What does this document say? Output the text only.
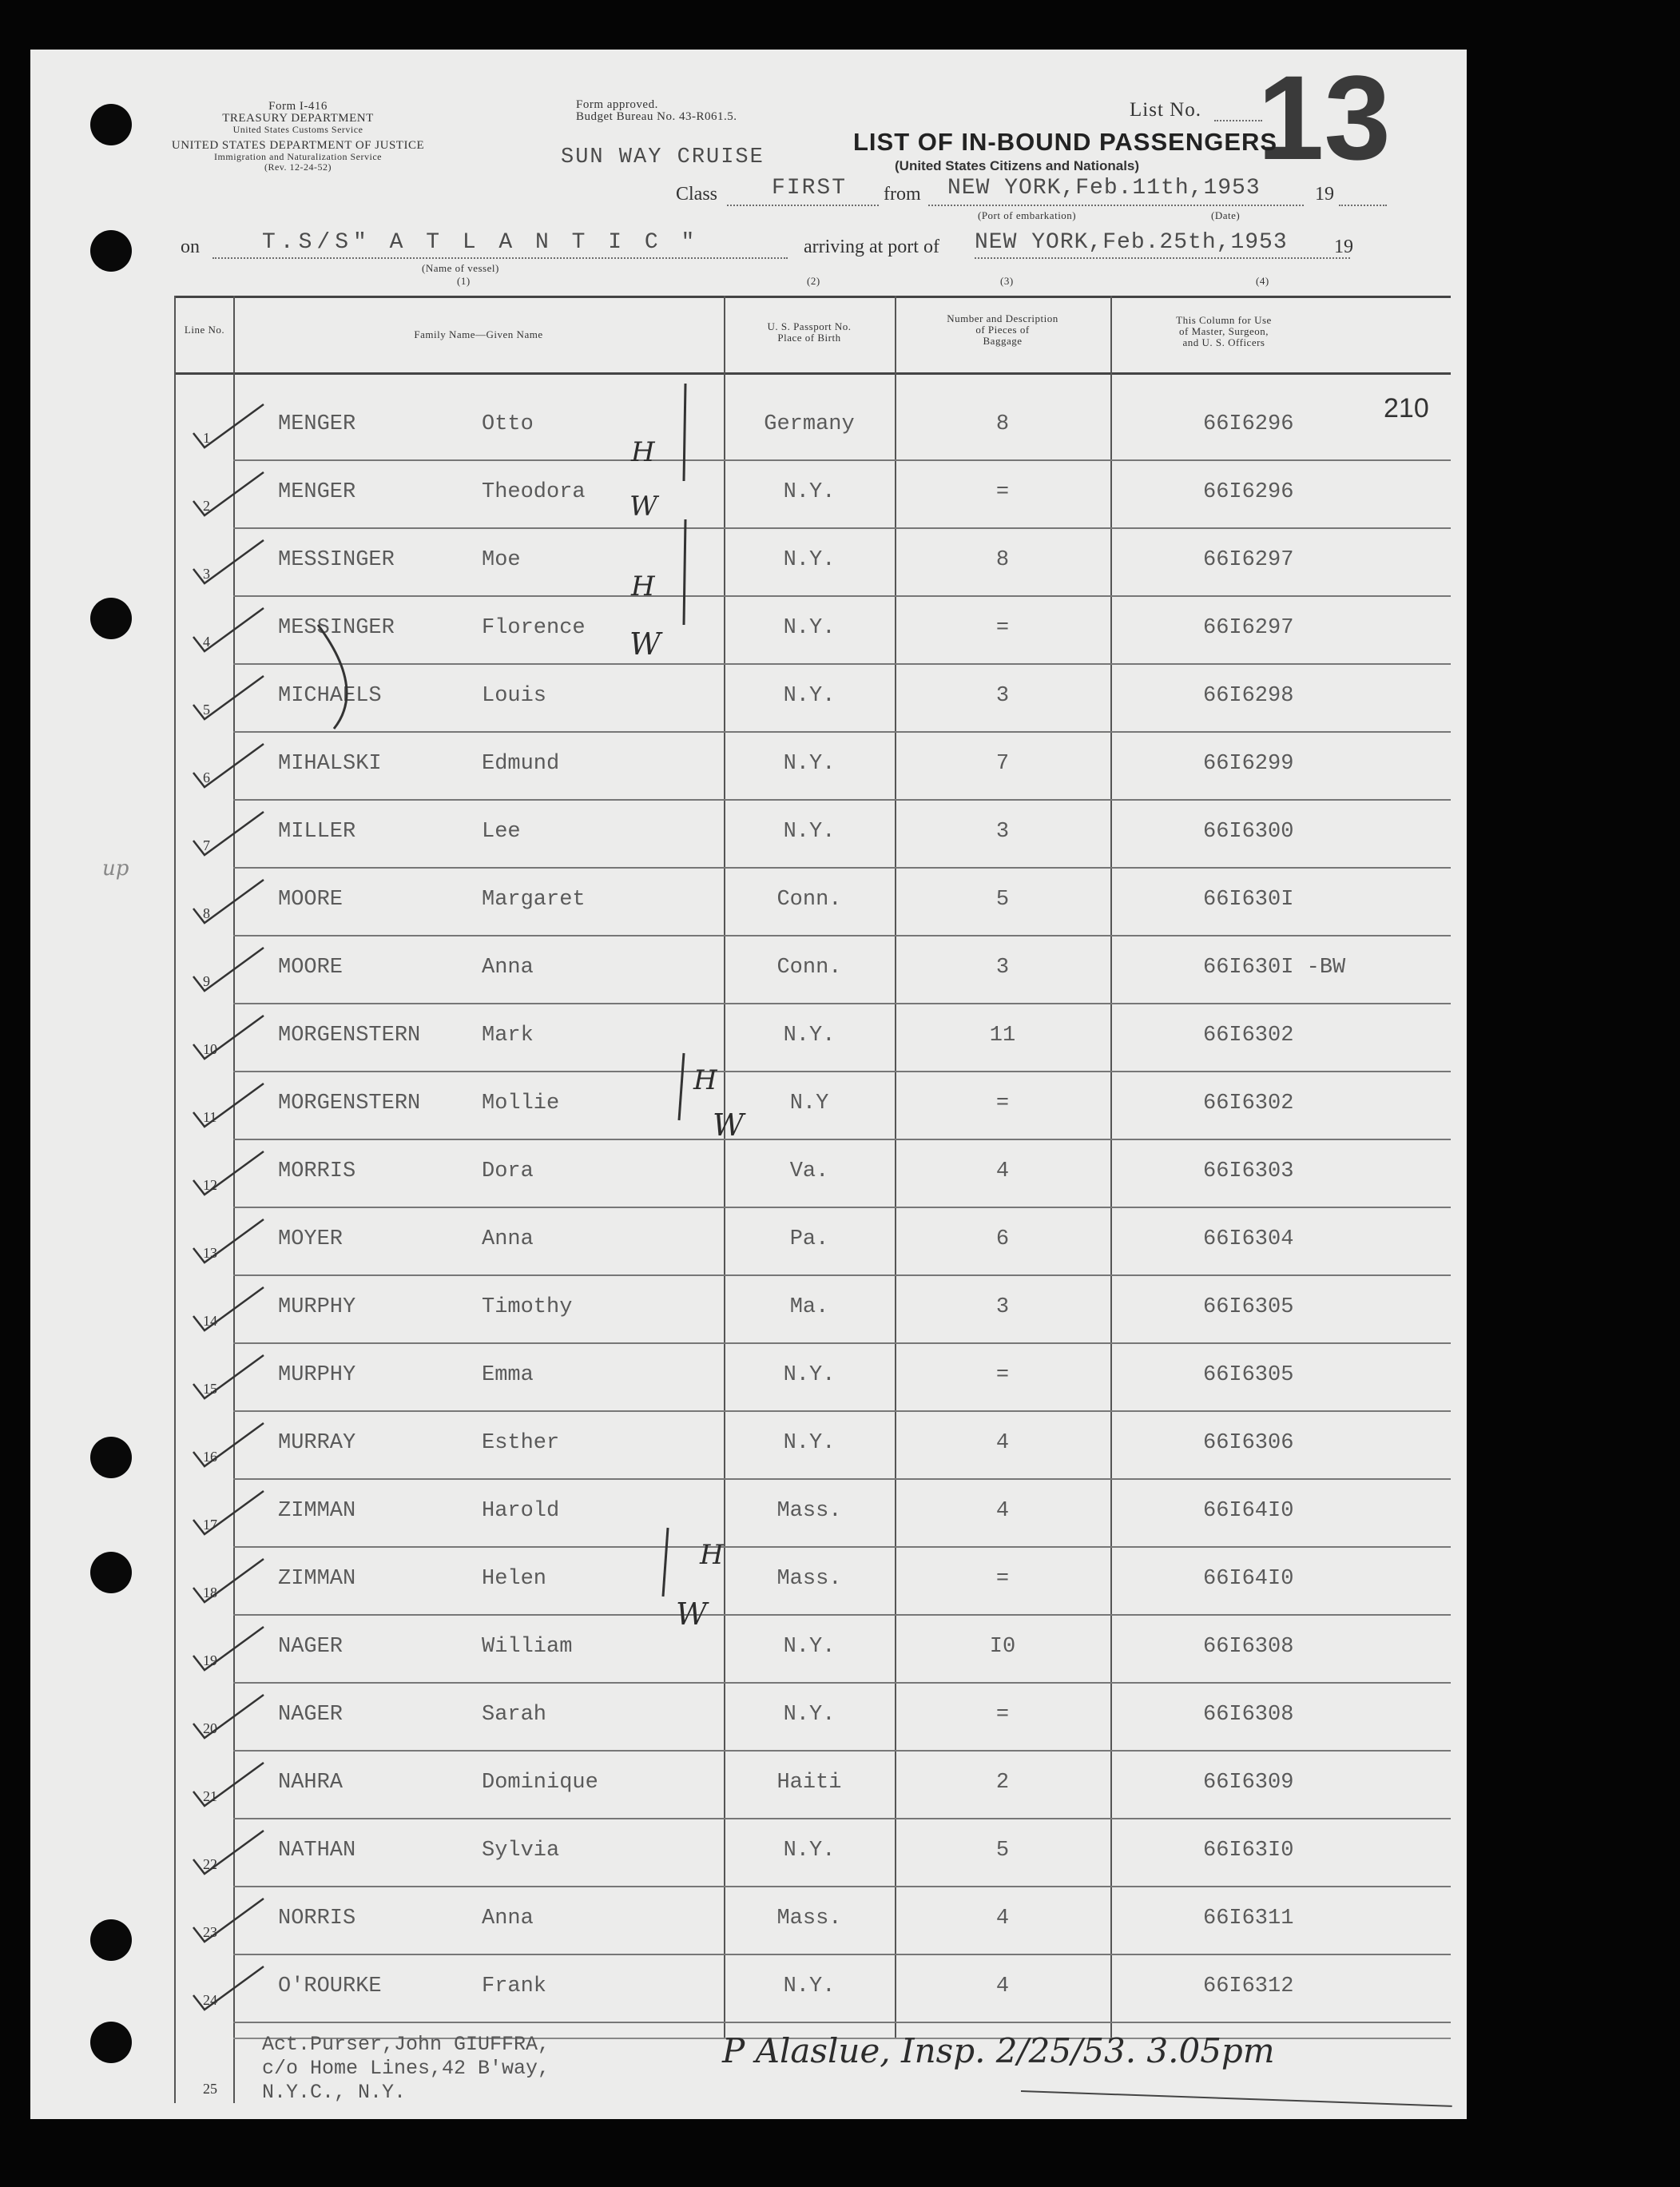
Form I-416
TREASURY DEPARTMENT
United States Customs Service
UNITED STATES DEPARTMENT OF JUSTICE
Immigration and Naturalization Service
(Rev. 12-24-52)
Form approved.
Budget Bureau No. 43-R061.5.
SUN WAY CRUISE
List No. 13
LIST OF IN-BOUND PASSENGERS
(United States Citizens and Nationals)
Class FIRST from NEW YORK,Feb.11th,1953	19
(Port of embarkation)	(Date)
on	T.S/S" A T L A N T I C "
(Name of vessel)
(1)
arriving at port of NEW YORK,Feb.25th,1953 19
(2)	(3)	(4)
Line No.	Family Name—Given Name
U. S. Passport No.
Place of Birth
Number and Description
of Pieces of
Baggage
This Column for Use
of Master, Surgeon,
and U. S. Officers
210
1
MENGER	Otto	Germany	8	66I6296
2
MENGER	Theodora	N.Y.	=	66I6296
3
MESSINGER	Moe	N.Y.	8	66I6297
4
MESSINGER	Florence	N.Y.	=	66I6297
5
MICHAELS	Louis	N.Y.	3	66I6298
6
MIHALSKI	Edmund	N.Y.	7	66I6299
7
MILLER	Lee	N.Y.	3	66I6300
8
MOORE	Margaret	Conn.	5	66I630I
9
MOORE	Anna	Conn.	3	66I630I -BW
10
MORGENSTERN	Mark	N.Y.	11	66I6302
11
MORGENSTERN	Mollie	N.Y	=	66I6302
12
MORRIS	Dora	Va.	4	66I6303
13
MOYER	Anna	Pa.	6	66I6304
14
MURPHY	Timothy	Ma.	3	66I6305
15
MURPHY	Emma	N.Y.	=	66I6305
16
MURRAY	Esther	N.Y.	4	66I6306
17
ZIMMAN	Harold	Mass.	4	66I64I0
18
ZIMMAN	Helen	Mass.	=	66I64I0
19
NAGER	William	N.Y.	I0	66I6308
20
NAGER	Sarah	N.Y.	=	66I6308
21
NAHRA	Dominique	Haiti	2	66I6309
22
NATHAN	Sylvia	N.Y.	5	66I63I0
23
NORRIS	Anna	Mass.	4	66I6311
24
O'ROURKE	Frank	N.Y.	4	66I6312
25
Act.Purser,John GIUFFRA,
c/o Home Lines,42 B'way,
N.Y.C., N.Y.
P Alaslue, Insp. 2/25/53. 3.05pm
up
H
W
H
W
H
W
H
W
